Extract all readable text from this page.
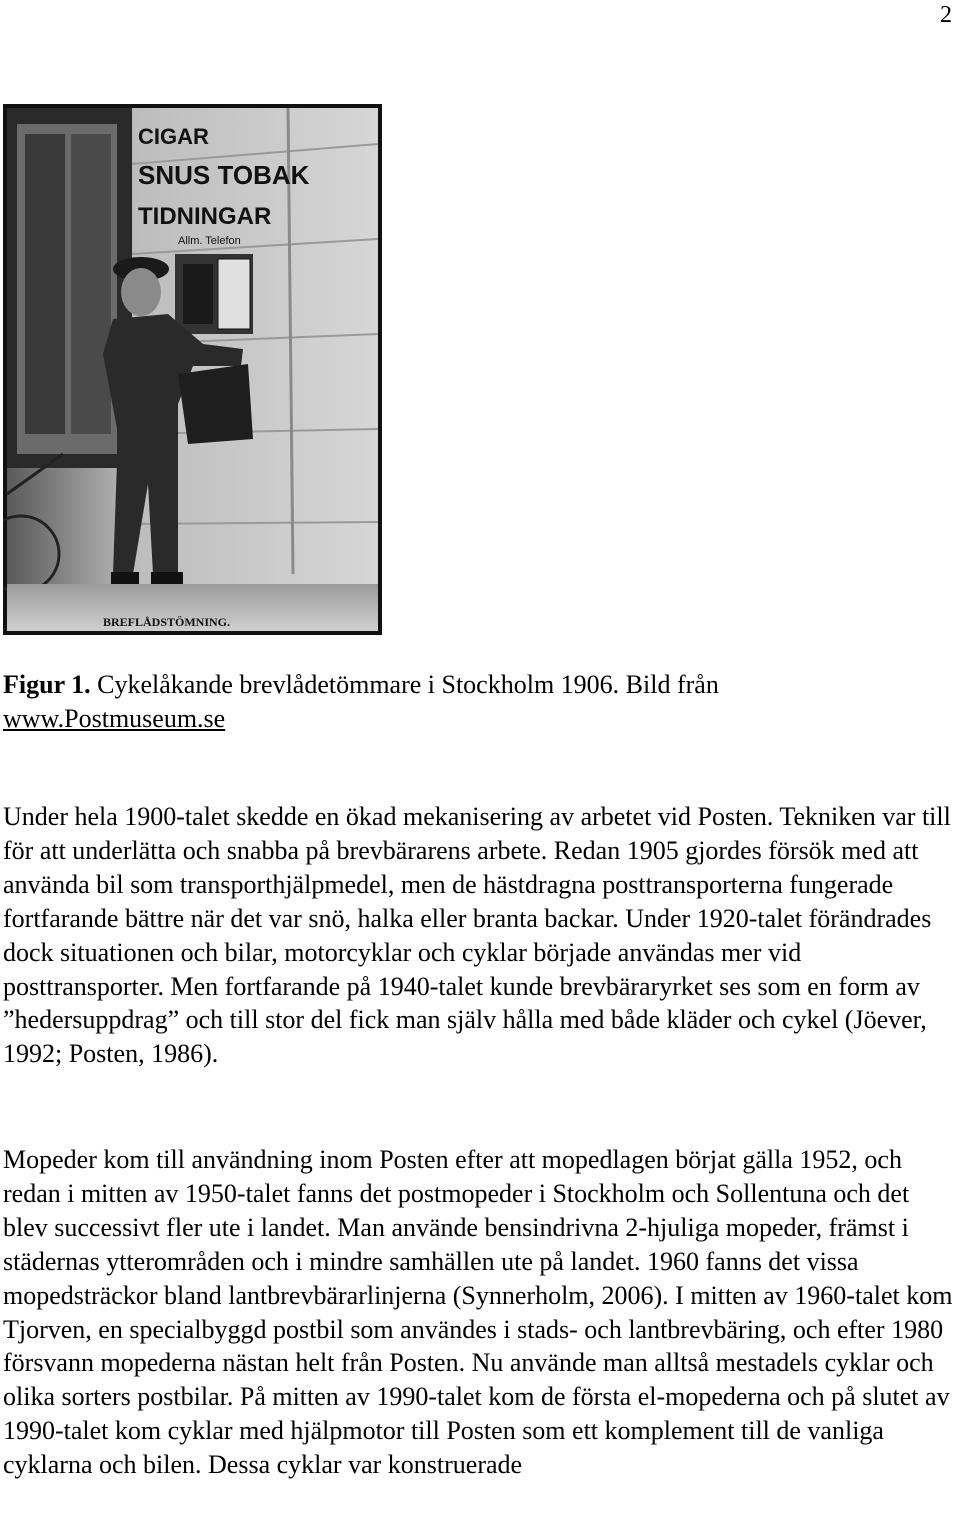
2
CIGAR
SNUS TOBAK
TIDNINGAR
Allm. Telefon
BREFLÅDSTÖMNING.
Figur 1. Cykelåkande brevlådetömmare i Stockholm 1906. Bild från
www.Postmuseum.se

Under hela 1900-talet skedde en ökad mekanisering av arbetet vid Posten. Tekniken var till för att underlätta och snabba på brevbärarens arbete. Redan 1905 gjordes försök med att använda bil som transporthjälpmedel, men de hästdragna posttransporterna fungerade fortfarande bättre när det var snö, halka eller branta backar. Under 1920-talet förändrades dock situationen och bilar, motorcyklar och cyklar började användas mer vid posttransporter. Men fortfarande på 1940-talet kunde brevbäraryrket ses som en form av ”hedersuppdrag” och till stor del fick man själv hålla med både kläder och cykel (Jöever, 1992; Posten, 1986).

Mopeder kom till användning inom Posten efter att mopedlagen börjat gälla 1952, och redan i mitten av 1950-talet fanns det postmopeder i Stockholm och Sollentuna och det blev successivt fler ute i landet. Man använde bensindrivna 2-hjuliga mopeder, främst i städernas ytterområden och i mindre samhällen ute på landet. 1960 fanns det vissa mopedsträckor bland lantbrevbärarlinjerna (Synnerholm, 2006). I mitten av 1960-talet kom Tjorven, en specialbyggd postbil som användes i stads- och lantbrevbäring, och efter 1980 försvann mopederna nästan helt från Posten. Nu använde man alltså mestadels cyklar och olika sorters postbilar. På mitten av 1990-talet kom de första el-mopederna och på slutet av 1990-talet kom cyklar med hjälpmotor till Posten som ett komplement till de vanliga cyklarna och bilen. Dessa cyklar var konstruerade
